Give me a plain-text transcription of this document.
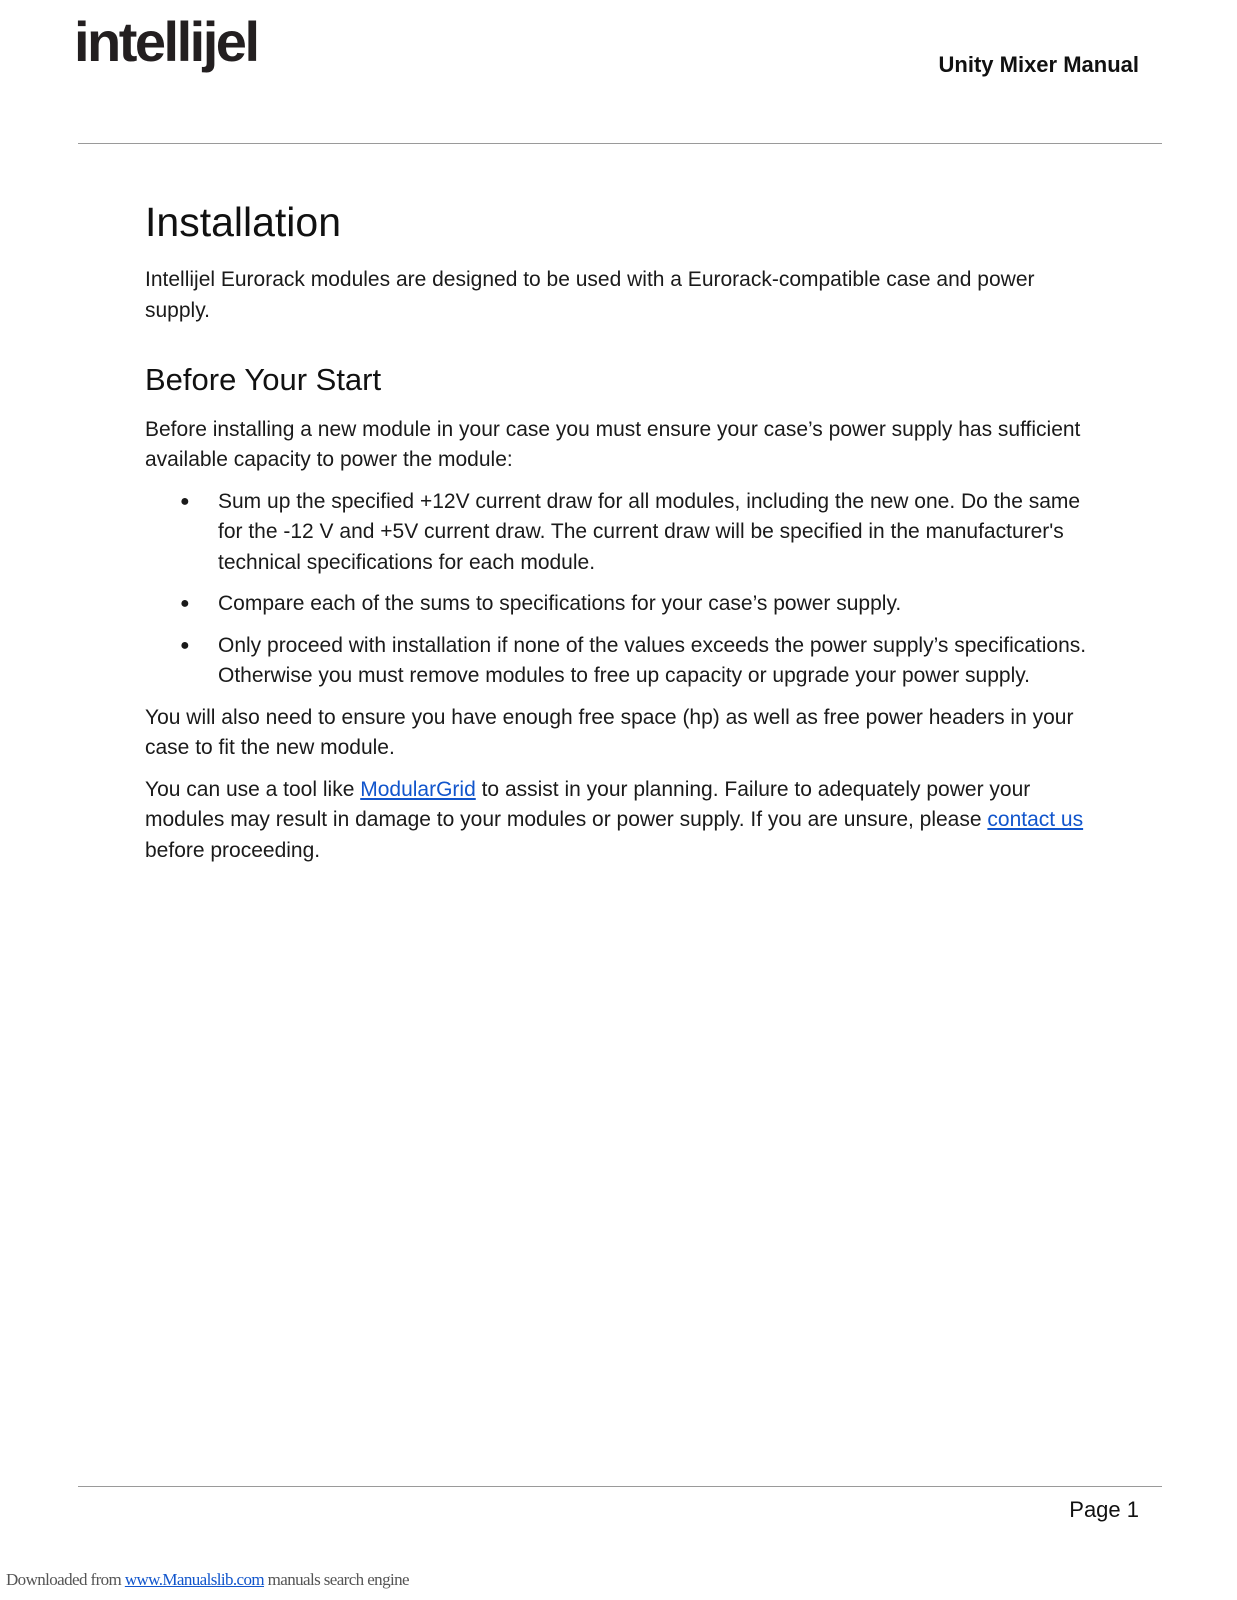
intellijel	Unity Mixer Manual
Installation

Intellijel Eurorack modules are designed to be used with a Eurorack-compatible case and power supply.

Before Your Start

Before installing a new module in your case you must ensure your case’s power supply has sufficient available capacity to power the module:

● Sum up the specified +12V current draw for all modules, including the new one. Do the same for the -12 V and +5V current draw. The current draw will be specified in the manufacturer's technical specifications for each module.
● Compare each of the sums to specifications for your case’s power supply.
● Only proceed with installation if none of the values exceeds the power supply’s specifications. Otherwise you must remove modules to free up capacity or upgrade your power supply.

You will also need to ensure you have enough free space (hp) as well as free power headers in your case to fit the new module.

You can use a tool like ModularGrid to assist in your planning. Failure to adequately power your modules may result in damage to your modules or power supply. If you are unsure, please contact us before proceeding.

Page 1
Downloaded from www.Manualslib.com manuals search engine
